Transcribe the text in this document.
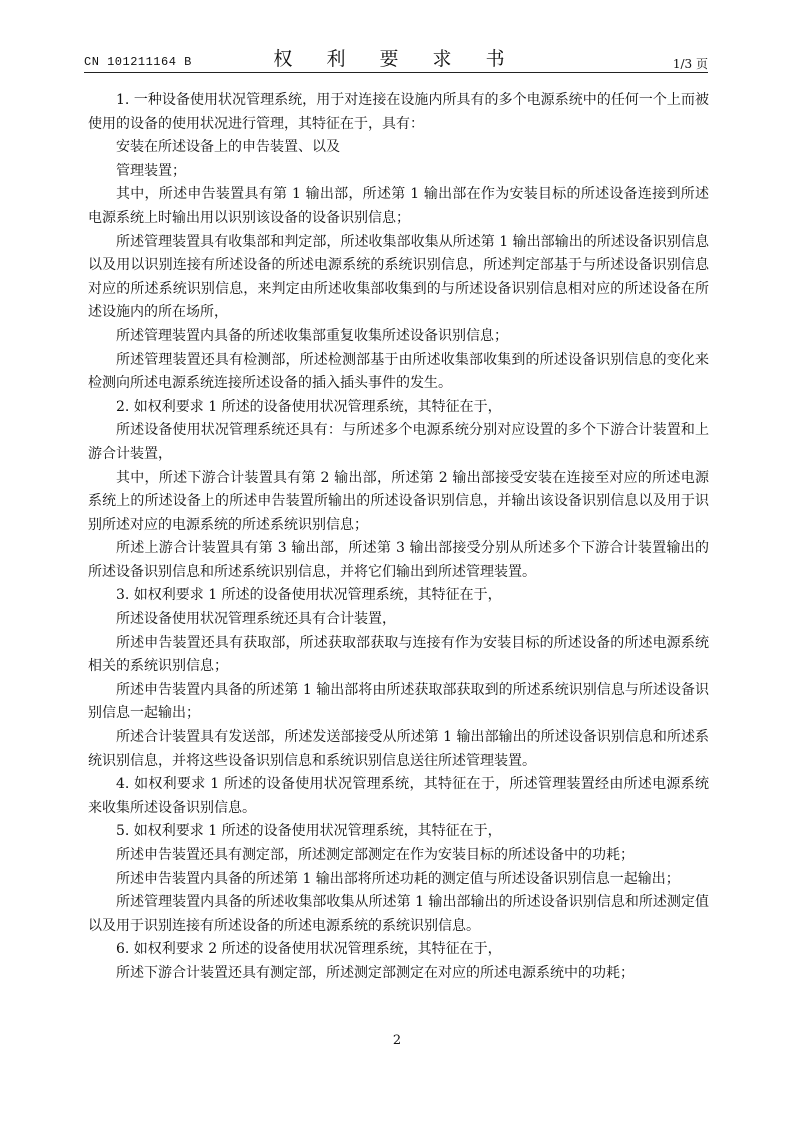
CN 101211164 B	权 利 要 求 书	1/3 页

1. 一种设备使用状况管理系统，用于对连接在设施内所具有的多个电源系统中的任何一个上而被使用的设备的使用状况进行管理，其特征在于，具有：

安装在所述设备上的申告装置、以及

管理装置；

其中，所述申告装置具有第 1 输出部，所述第 1 输出部在作为安装目标的所述设备连接到所述电源系统上时输出用以识别该设备的设备识别信息；

所述管理装置具有收集部和判定部，所述收集部收集从所述第 1 输出部输出的所述设备识别信息以及用以识别连接有所述设备的所述电源系统的系统识别信息，所述判定部基于与所述设备识别信息对应的所述系统识别信息，来判定由所述收集部收集到的与所述设备识别信息相对应的所述设备在所述设施内的所在场所，

所述管理装置内具备的所述收集部重复收集所述设备识别信息；

所述管理装置还具有检测部，所述检测部基于由所述收集部收集到的所述设备识别信息的变化来检测向所述电源系统连接所述设备的插入插头事件的发生。

2. 如权利要求 1 所述的设备使用状况管理系统，其特征在于，

所述设备使用状况管理系统还具有：与所述多个电源系统分别对应设置的多个下游合计装置和上游合计装置，

其中，所述下游合计装置具有第 2 输出部，所述第 2 输出部接受安装在连接至对应的所述电源系统上的所述设备上的所述申告装置所输出的所述设备识别信息，并输出该设备识别信息以及用于识别所述对应的电源系统的所述系统识别信息；

所述上游合计装置具有第 3 输出部，所述第 3 输出部接受分别从所述多个下游合计装置输出的所述设备识别信息和所述系统识别信息，并将它们输出到所述管理装置。

3. 如权利要求 1 所述的设备使用状况管理系统，其特征在于，

所述设备使用状况管理系统还具有合计装置，

所述申告装置还具有获取部，所述获取部获取与连接有作为安装目标的所述设备的所述电源系统相关的系统识别信息；

所述申告装置内具备的所述第 1 输出部将由所述获取部获取到的所述系统识别信息与所述设备识别信息一起输出；

所述合计装置具有发送部，所述发送部接受从所述第 1 输出部输出的所述设备识别信息和所述系统识别信息，并将这些设备识别信息和系统识别信息送往所述管理装置。

4. 如权利要求 1 所述的设备使用状况管理系统，其特征在于，所述管理装置经由所述电源系统来收集所述设备识别信息。

5. 如权利要求 1 所述的设备使用状况管理系统，其特征在于，

所述申告装置还具有测定部，所述测定部测定在作为安装目标的所述设备中的功耗；

所述申告装置内具备的所述第 1 输出部将所述功耗的测定值与所述设备识别信息一起输出；

所述管理装置内具备的所述收集部收集从所述第 1 输出部输出的所述设备识别信息和所述测定值以及用于识别连接有所述设备的所述电源系统的系统识别信息。

6. 如权利要求 2 所述的设备使用状况管理系统，其特征在于，

所述下游合计装置还具有测定部，所述测定部测定在对应的所述电源系统中的功耗；

2
